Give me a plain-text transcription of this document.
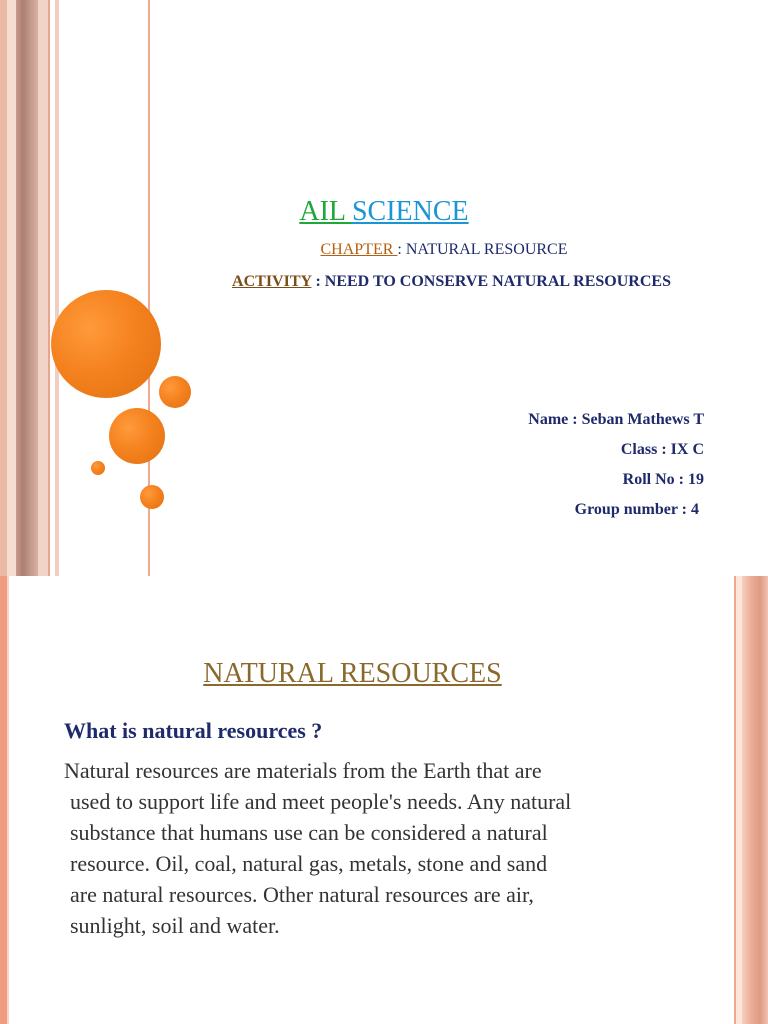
AIL SCIENCE
CHAPTER : NATURAL RESOURCE
ACTIVITY : NEED TO CONSERVE NATURAL RESOURCES
Name : Seban Mathews T
Class : IX C
Roll No : 19
Group number : 4
NATURAL RESOURCES
What is natural resources ?
Natural resources are materials from the Earth that are
used to support life and meet people's needs. Any natural
substance that humans use can be considered a natural
resource. Oil, coal, natural gas, metals, stone and sand
are natural resources. Other natural resources are air,
sunlight, soil and water.
